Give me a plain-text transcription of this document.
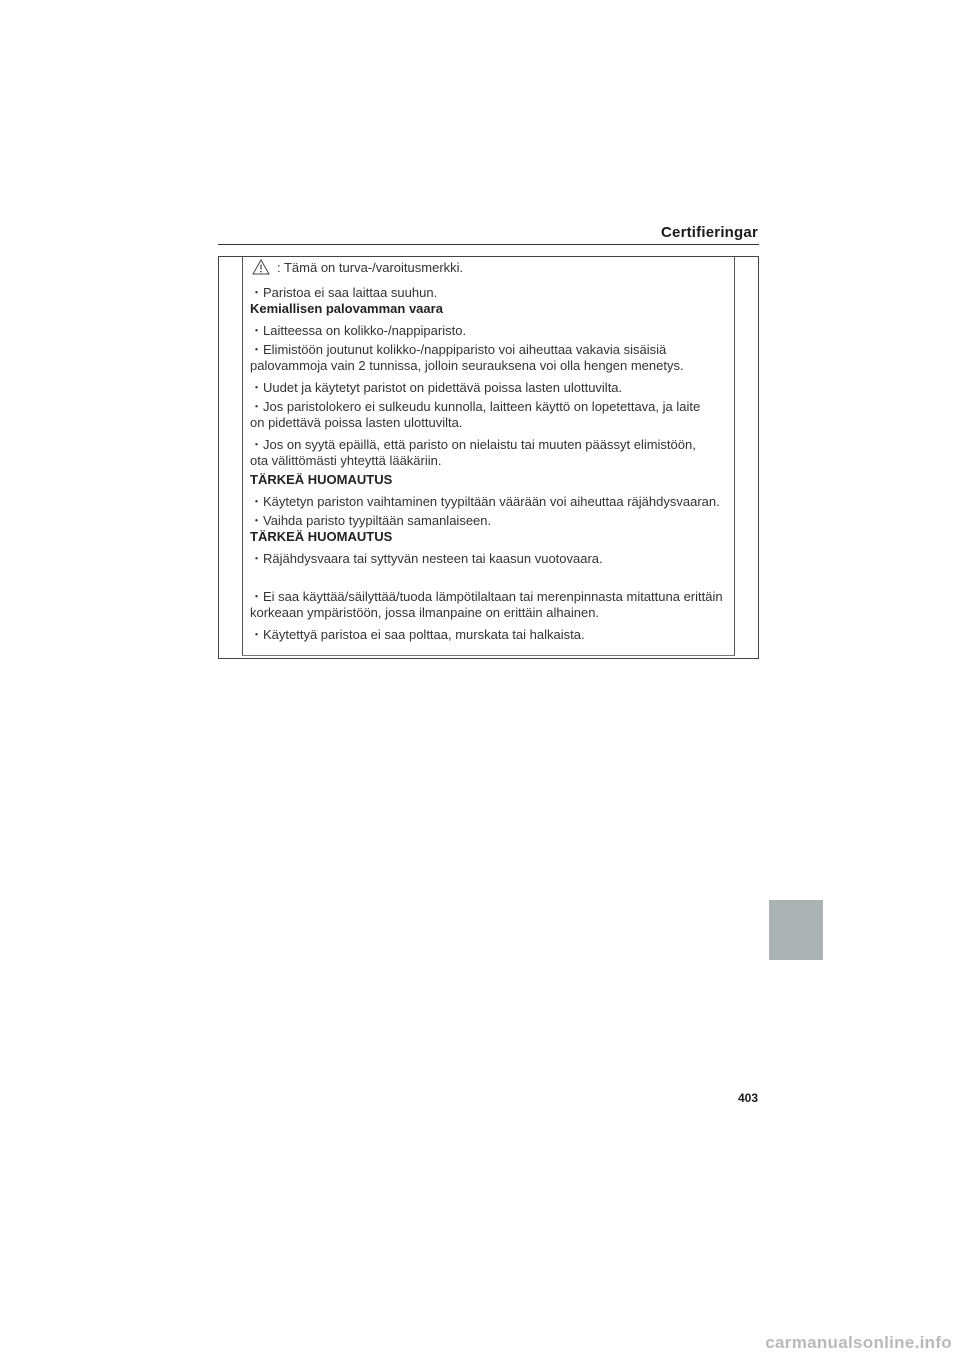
Certifieringar
: Tämä on turva-/varoitusmerkki.
・Paristoa ei saa laittaa suuhun.
Kemiallisen palovamman vaara
・Laitteessa on kolikko-/nappiparisto.
・Elimistöön joutunut kolikko-/nappiparisto voi aiheuttaa vakavia sisäisiä
palovammoja vain 2 tunnissa, jolloin seurauksena voi olla hengen menetys.
・Uudet ja käytetyt paristot on pidettävä poissa lasten ulottuvilta.
・Jos paristolokero ei sulkeudu kunnolla, laitteen käyttö on lopetettava, ja laite
on pidettävä poissa lasten ulottuvilta.
・Jos on syytä epäillä, että paristo on nielaistu tai muuten päässyt elimistöön,
ota välittömästi yhteyttä lääkäriin.
TÄRKEÄ HUOMAUTUS
・Käytetyn pariston vaihtaminen tyypiltään väärään voi aiheuttaa räjähdysvaaran.
・Vaihda paristo tyypiltään samanlaiseen.
TÄRKEÄ HUOMAUTUS
・Räjähdysvaara tai syttyvän nesteen tai kaasun vuotovaara.
・Ei saa käyttää/säilyttää/tuoda lämpötilaltaan tai merenpinnasta mitattuna erittäin
korkeaan ympäristöön, jossa ilmanpaine on erittäin alhainen.
・Käytettyä paristoa ei saa polttaa, murskata tai halkaista.
403
carmanualsonline.info
